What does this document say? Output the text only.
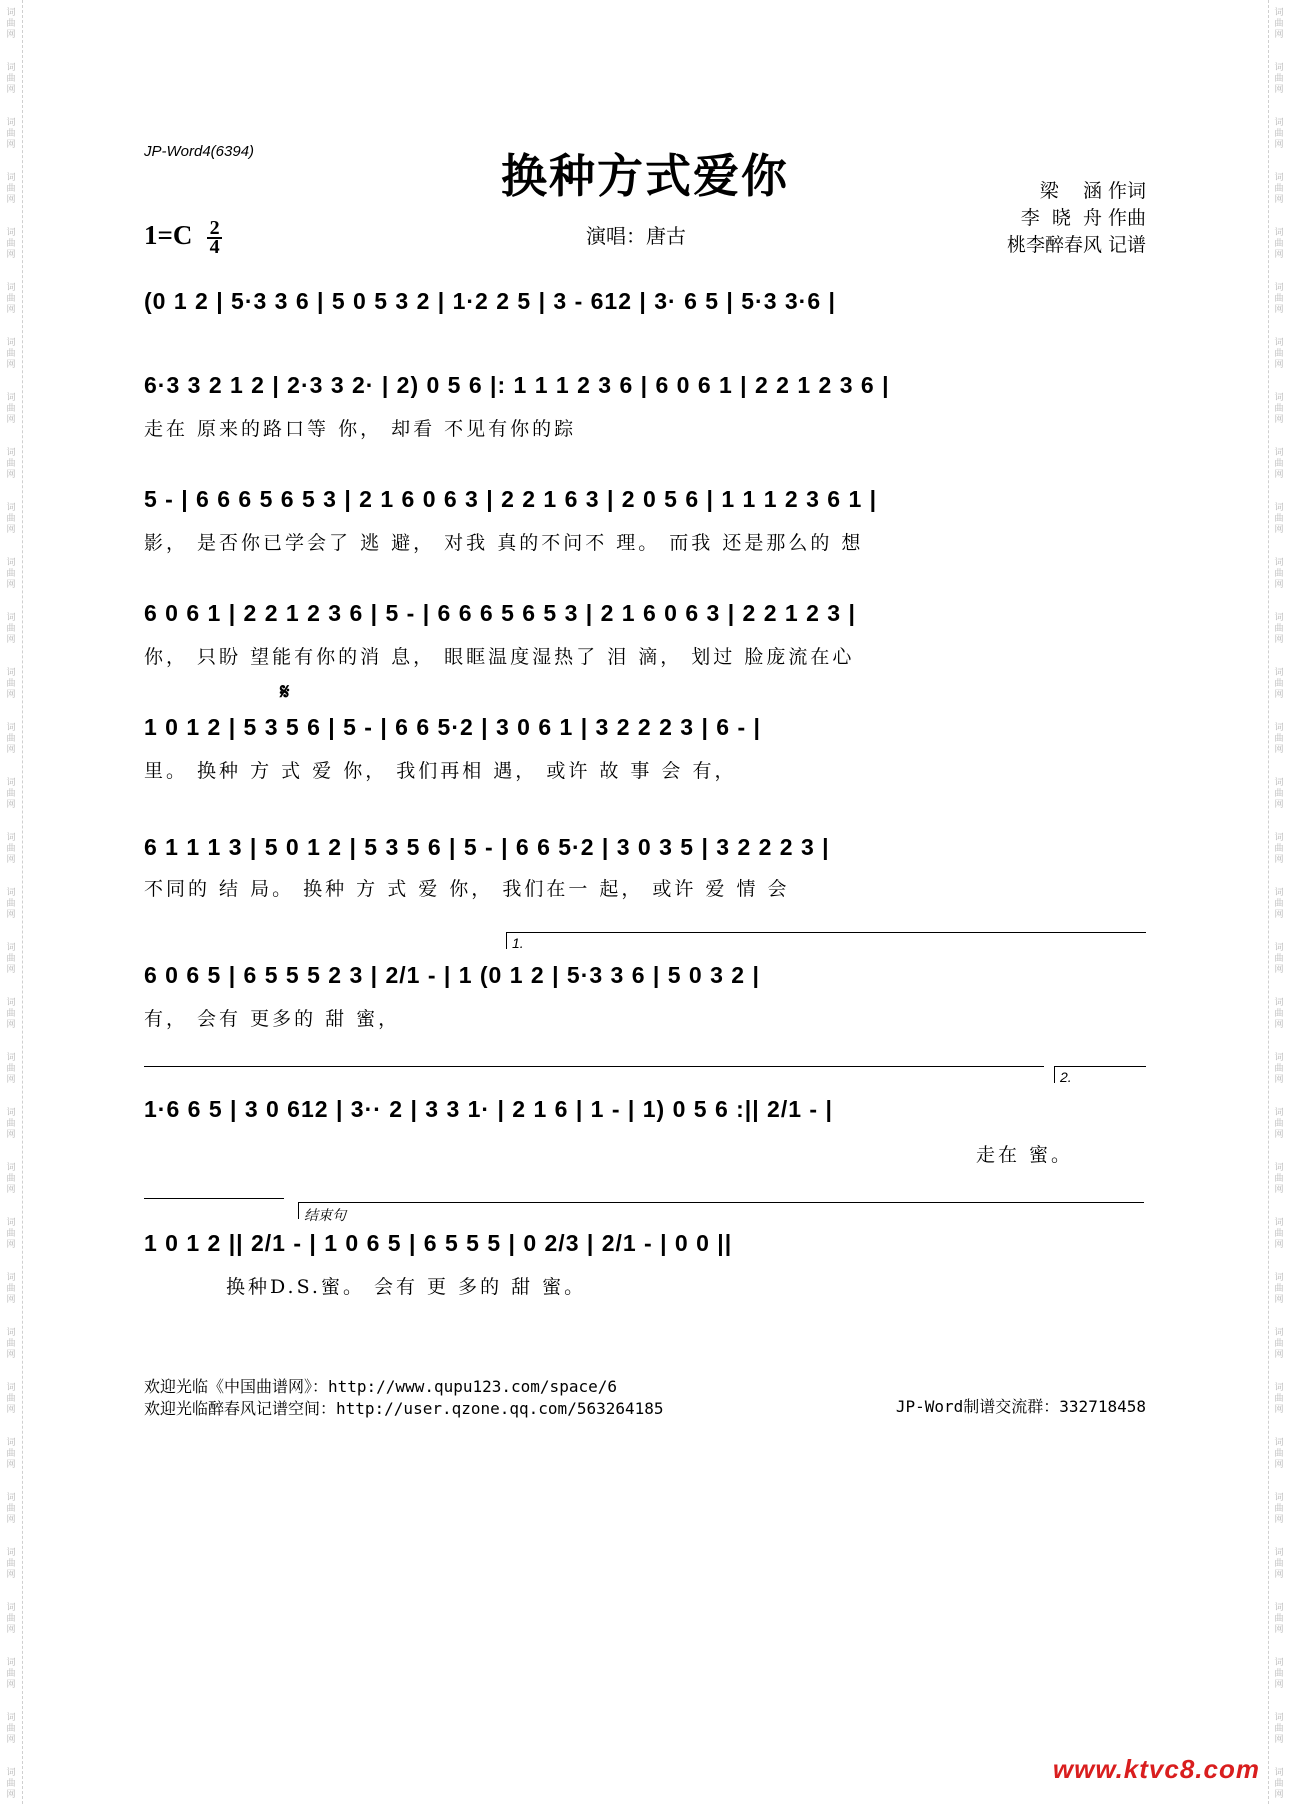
词
曲
网
词
曲
网
词
曲
网
词
曲
网
词
曲
网
词
曲
网
词
曲
网
词
曲
网
词
曲
网
词
曲
网
词
曲
网
词
曲
网
词
曲
网
词
曲
网
词
曲
网
词
曲
网
词
曲
网
词
曲
网
词
曲
网
词
曲
网
词
曲
网
词
曲
网
词
曲
网
词
曲
网
词
曲
网
词
曲
网
词
曲
网
词
曲
网
词
曲
网
词
曲
网
词
曲
网
词
曲
网
词
曲
网
词
曲
网
词
曲
网
词
曲
网
词
曲
网
词
曲
网
词
曲
网
词
曲
网
词
曲
网
词
曲
网
词
曲
网
词
曲
网
词
曲
网
词
曲
网
词
曲
网
词
曲
网
词
曲
网
词
曲
网
词
曲
网
词
曲
网
词
曲
网
词
曲
网
词
曲
网
词
曲
网
词
曲
网
词
曲
网
词
曲
网
词
曲
网
词
曲
网
词
曲
网
词
曲
网
词
曲
网
词
曲
网
词
曲
网
JP-Word4(6394)	换种方式爱你	梁    涵 作词
李  晓  舟 作曲
桃李醉春风 记谱
$1=C \frac{2}{4}$	演唱：唐古
(0 1 2 | 5·3 3 6 | 5 0 5 3 2 | 1·2 2 5 | 3 - 612 | 3· 6 5 | 5·3 3·6 |
6·3 3 2 1 2 | 2·3 3 2· | 2) 0 5 6 |: 1 1 1 2 3 6 | 6 0 6 1 | 2 2 1 2 3 6 |
走在 原来的路口等 你， 却看 不见有你的踪
5 - | 6 6 6 5 6 5 3 | 2 1 6 0 6 3 | 2 2 1 6 3 | 2 0 5 6 | 1 1 1 2 3 6 1 |
影， 是否你已学会了 逃 避， 对我 真的不问不 理。 而我 还是那么的 想
6 0 6 1 | 2 2 1 2 3 6 | 5 - | 6 6 6 5 6 5 3 | 2 1 6 0 6 3 | 2 2 1 2 3 |
你， 只盼 望能有你的消 息， 眼眶温度湿热了 泪 滴， 划过 脸庞流在心
𝄋
1 0 1 2 | 5 3 5 6 | 5 - | 6 6 5·2 | 3 0 6 1 | 3 2 2 2 3 | 6 - |
里。 换种 方 式 爱 你， 我们再相 遇， 或许 故 事 会 有，
6 1 1 1 3 | 5 0 1 2 | 5 3 5 6 | 5 - | 6 6 5·2 | 3 0 3 5 | 3 2 2 2 3 |
不同的 结 局。 换种 方 式 爱 你， 我们在一 起， 或许 爱 情 会
1.
6 0 6 5 | 6 5 5 5 2 3 | 2/1 - | 1 (0 1 2 | 5·3 3 6 | 5 0 3 2 |
有， 会有 更多的 甜 蜜，
2.
1·6 6 5 | 3 0 612 | 3·· 2 | 3 3 1· | 2 1 6 | 1 - | 1) 0 5 6 :|| 2/1 - |
走在 蜜。
结束句
1 0 1 2 || 2/1 - | 1 0 6 5 | 6 5 5 5 | 0 2/3 | 2/1 - | 0 0 ||
换种D.S.蜜。 会有 更 多的 甜 蜜。
欢迎光临《中国曲谱网》：http://www.qupu123.com/space/6
欢迎光临醉春风记谱空间：http://user.qzone.qq.com/563264185	JP-Word制谱交流群：332718458
www.ktvc8.com
